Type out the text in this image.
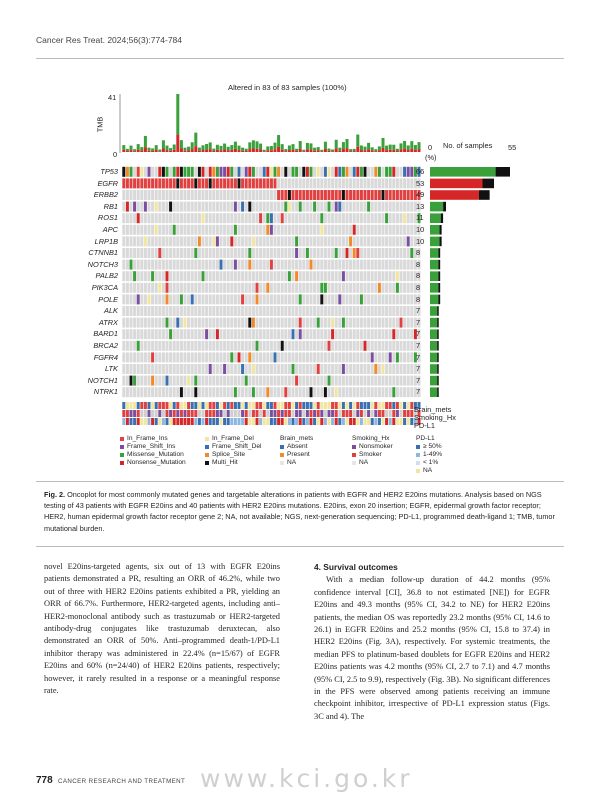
Cancer Res Treat. 2024;56(3):774-784
Altered in 83 of 83 samples (100%)
41
0
TMB
(%)
0	55
No. of samples
TP53
EGFR
ERBB2
RB1
ROS1
APC
LRP1B
CTNNB1
NOTCH3
PALB2
PIK3CA
POLE
ALK
ATRX
BARD1
BRCA2
FGFR4
LTK
NOTCH1
NTRK1
66
53
49
13
11
10
10
8
8
8
8
8
7
7
7
7
7
7
7
7
Brain_mets
Smoking_Hx
PD-L1
In_Frame_Ins
Frame_Shift_Ins
Missense_Mutation
Nonsense_Mutation
In_Frame_Del
Frame_Shift_Del
Splice_Site
Multi_Hit
Brain_mets
Absent
Present
NA
Smoking_Hx
Nonsmoker
Smoker
NA
PD-L1
≥ 50%
1-49%
< 1%
NA
Fig. 2. Oncoplot for most commonly mutated genes and targetable alterations in patients with EGFR and HER2 E20ins mutations. Analysis based on NGS testing of 43 patients with EGFR E20ins and 40 patients with HER2 E20ins mutations. E20ins, exon 20 insertion; EGFR, epidermal growth factor receptor; HER2, human epidermal growth factor receptor gene 2; NA, not available; NGS, next-generation sequencing; PD-L1, programmed death-ligand 1; TMB, tumor mutational burden.

novel E20ins-targeted agents, six out of 13 with EGFR E20ins patients demonstrated a PR, resulting an ORR of 46.2%, while two out of three with HER2 E20ins patients exhibited a PR, yielding an ORR of 66.7%. Furthermore, HER2-targeted agents, including anti–HER2-monoclonal antibody such as trastuzumab or HER2-targeted antibody-drug conjugates like trastuzumab deruxtecan, also demonstrated an ORR of 50%. Anti–programmed death-1/PD-L1 inhibitor therapy was administered in 22.4% (n=15/67) of EGFR E20ins and 60% (n=24/40) of HER2 E20ins patients, respectively; however, it rarely resulted in a response or a meaningful response rate.

4. Survival outcomes

With a median follow-up duration of 44.2 months (95% confidence interval [CI], 36.8 to not estimated [NE]) for EGFR E20ins and 49.3 months (95% CI, 34.2 to NE) for HER2 E20ins patients, the median OS was reportedly 23.2 months (95% CI, 14.6 to 26.1) in EGFR E20ins and 25.2 months (95% CI, 15.8 to 37.4) in HER2 E20ins (Fig. 3A), respectively. For systemic treatments, the median PFS to platinum-based doublets for EGFR E20ins and HER2 E20ins patients was 4.2 months (95% CI, 2.7 to 7.1) and 4.7 months (95% CI, 2.5 to 9.9), respectively (Fig. 3B). No significant differences in the PFS were observed among patients receiving an immune checkpoint inhibitor, irrespective of PD-L1 expression status (Figs. 3C and 4). The

www.kci.go.kr
778 CANCER RESEARCH AND TREATMENT
